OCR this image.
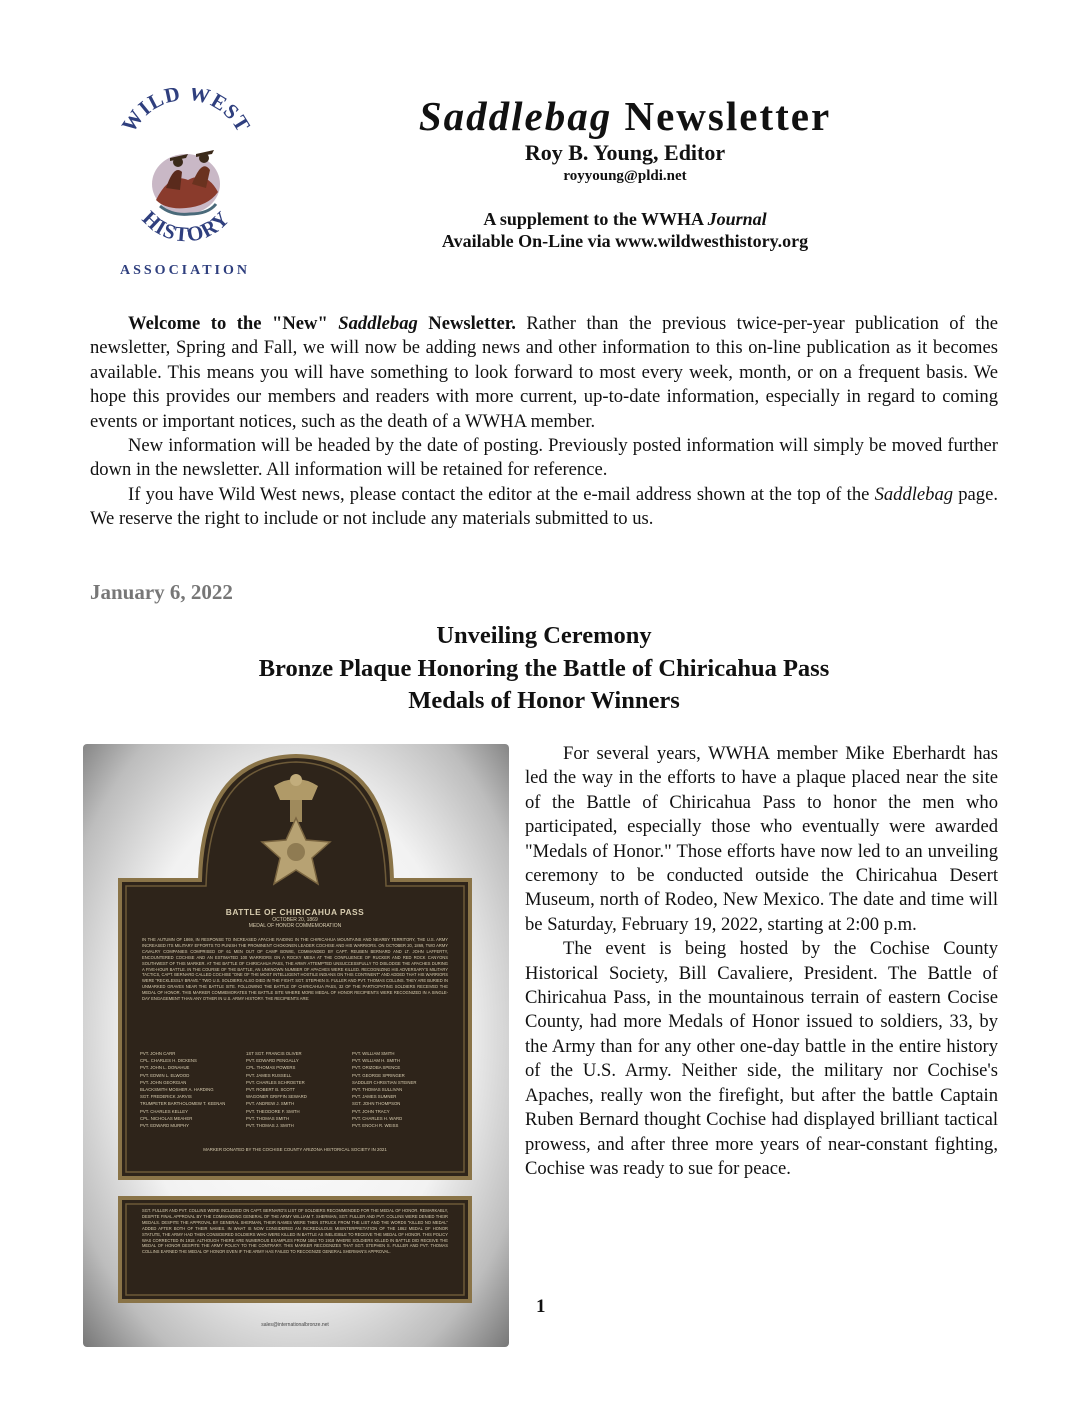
WILD WEST
HISTORY
ASSOCIATION
Saddlebag Newsletter
Roy B. Young, Editor
royyoung@pldi.net
A supplement to the WWHA Journal
Available On-Line via www.wildwesthistory.org

Welcome to the "New" Saddlebag Newsletter. Rather than the previous twice-per-year publication of the newsletter, Spring and Fall, we will now be adding news and other information to this on-line publication as it becomes available. This means you will have something to look forward to most every week, month, or on a frequent basis. We hope this provides our members and readers with more current, up-to-date information, especially in regard to coming events or important notices, such as the death of a WWHA member.

New information will be headed by the date of posting. Previously posted information will simply be moved further down in the newsletter. All information will be retained for reference.

If you have Wild West news, please contact the editor at the e-mail address shown at the top of the Saddlebag page. We reserve the right to include or not include any materials submitted to us.

January 6, 2022
Unveiling Ceremony
Bronze Plaque Honoring the Battle of Chiricahua Pass
Medals of Honor Winners
BATTLE OF CHIRICAHUA PASS
OCTOBER 20, 1869
MEDAL OF HONOR COMMEMORATION
IN THE AUTUMN OF 1869, IN RESPONSE TO INCREASED APACHE RAIDING IN THE CHIRICAHUA MOUNTAINS AND NEARBY TERRITORY, THE U.S. ARMY INCREASED ITS MILITARY EFFORTS TO PUNISH THE PROMINENT CHOKONEN LEADER COCHISE AND HIS WARRIORS. ON OCTOBER 20, 1869, TWO ARMY CAVALRY COMPANIES COMPRISED OF 61 MEN OUT OF CAMP BOWIE, COMMANDED BY CAPT. REUBEN BERNARD AND LT. JOHN LAFFERTY, ENCOUNTERED COCHISE AND AN ESTIMATED 100 WARRIORS ON A ROCKY MESA AT THE CONFLUENCE OF RUCKER AND RED ROCK CANYONS SOUTHWEST OF THIS MARKER. AT THE BATTLE OF CHIRICAHUA PASS, THE ARMY ATTEMPTED UNSUCCESSFULLY TO DISLODGE THE APACHES DURING A FIVE-HOUR BATTLE. IN THE COURSE OF THE BATTLE, AN UNKNOWN NUMBER OF APACHES WERE KILLED. RECOGNIZING HIS ADVERSARY'S MILITARY TACTICS, CAPT. BERNARD CALLED COCHISE "ONE OF THE MOST INTELLIGENT HOSTILE INDIANS ON THIS CONTINENT" AND ADDED THAT HIS WARRIORS WERE "RECKLESSLY BRAVE." TWO U.S. SOLDIERS ALSO DIED IN THE FIGHT: SGT. STEPHEN S. FULLER AND PVT. THOMAS COLLINS. THEY ARE BURIED IN UNMARKED GRAVES NEAR THE BATTLE SITE. FOLLOWING THE BATTLE OF CHIRICAHUA PASS, 32 OF THE PARTICIPATING SOLDIERS RECEIVED THE MEDAL OF HONOR. THIS MARKER COMMEMORATES THE BATTLE SITE WHERE MORE MEDAL OF HONOR RECIPIENTS WERE RECOGNIZED IN A SINGLE-DAY ENGAGEMENT THAN ANY OTHER IN U.S. ARMY HISTORY. THE RECIPIENTS ARE:
PVT. JOHN CARR
CPL. CHARLES H. DICKENS
PVT. JOHN L. DONAHUE
PVT. EDWIN L. ELWOOD
PVT. JOHN GEORGIAN
BLACKSMITH MOSHER A. HARDING
SGT. FREDERICK JARVIS
TRUMPETER BARTHOLOMEW T. KEENAN
PVT. CHARLES KELLEY
CPL. NICHOLAS MEAHER
PVT. EDWARD MURPHY
1ST SGT. FRANCIS OLIVER
PVT. EDWARD PENGALLY
CPL. THOMAS POWERS
PVT. JAMES RUSSELL
PVT. CHARLES SCHROETER
PVT. ROBERT B. SCOTT
WAGONER GRIFFIN SEWARD
PVT. ANDREW J. SMITH
PVT. THEODORE F. SMITH
PVT. THOMAS SMITH
PVT. THOMAS J. SMITH
PVT. WILLIAM SMITH
PVT. WILLIAM H. SMITH
PVT. ORIZOBA SPENCE
PVT. GEORGE SPRINGER
SADDLER CHRISTIAN STEINER
PVT. THOMAS SULLIVAN
PVT. JAMES SUMNER
SGT. JOHN THOMPSON
PVT. JOHN TRACY
PVT. CHARLES H. WARD
PVT. ENOCH R. WEISS
MARKER DONATED BY THE COCHISE COUNTY ARIZONA HISTORICAL SOCIETY IN 2021
SGT. FULLER AND PVT. COLLINS WERE INCLUDED ON CAPT. BERNARD'S LIST OF SOLDIERS RECOMMENDED FOR THE MEDAL OF HONOR. REMARKABLY, DESPITE FINAL APPROVAL BY THE COMMANDING GENERAL OF THE ARMY WILLIAM T. SHERMAN, SGT. FULLER AND PVT. COLLINS WERE DENIED THEIR MEDALS. DESPITE THE APPROVAL BY GENERAL SHERMAN, THEIR NAMES WERE THEN STRUCK FROM THE LIST AND THE WORDS "KILLED NO MEDAL" ADDED AFTER BOTH OF THEIR NAMES. IN WHAT IS NOW CONSIDERED AN INCREDULOUS MISINTERPRETATION OF THE 1862 MEDAL OF HONOR STATUTE, THE ARMY HAD THEN CONSIDERED SOLDIERS WHO WERE KILLED IN BATTLE AS INELIGIBLE TO RECEIVE THE MEDAL OF HONOR. THIS POLICY WAS CORRECTED IN 1918. ALTHOUGH THERE ARE NUMEROUS EXAMPLES FROM 1862 TO 1918 WHERE SOLDIERS KILLED IN BATTLE DID RECEIVE THE MEDAL OF HONOR DESPITE THE ARMY POLICY TO THE CONTRARY. THIS MARKER RECOGNIZES THAT SGT. STEPHEN S. FULLER AND PVT. THOMAS COLLINS EARNED THE MEDAL OF HONOR EVEN IF THE ARMY HAS FAILED TO RECOGNIZE GENERAL SHERMAN'S APPROVAL.
sales@internationalbronze.net

For several years, WWHA member Mike Eberhardt has led the way in the efforts to have a plaque placed near the site of the Battle of Chiricahua Pass to honor the men who participated, especially those who eventually were awarded "Medals of Honor." Those efforts have now led to an unveiling ceremony to be conducted outside the Chiricahua Desert Museum, north of Rodeo, New Mexico. The date and time will be Saturday, February 19, 2022, starting at 2:00 p.m.

The event is being hosted by the Cochise County Historical Society, Bill Cavaliere, President. The Battle of Chiricahua Pass, in the mountainous terrain of eastern Cocise County, had more Medals of Honor issued to soldiers, 33, by the Army than for any other one-day battle in the entire history of the U.S. Army. Neither side, the military nor Cochise's Apaches, really won the firefight, but after the battle Captain Ruben Bernard thought Cochise had displayed brilliant tactical prowess, and after three more years of near-constant fighting, Cochise was ready to sue for peace.

1
